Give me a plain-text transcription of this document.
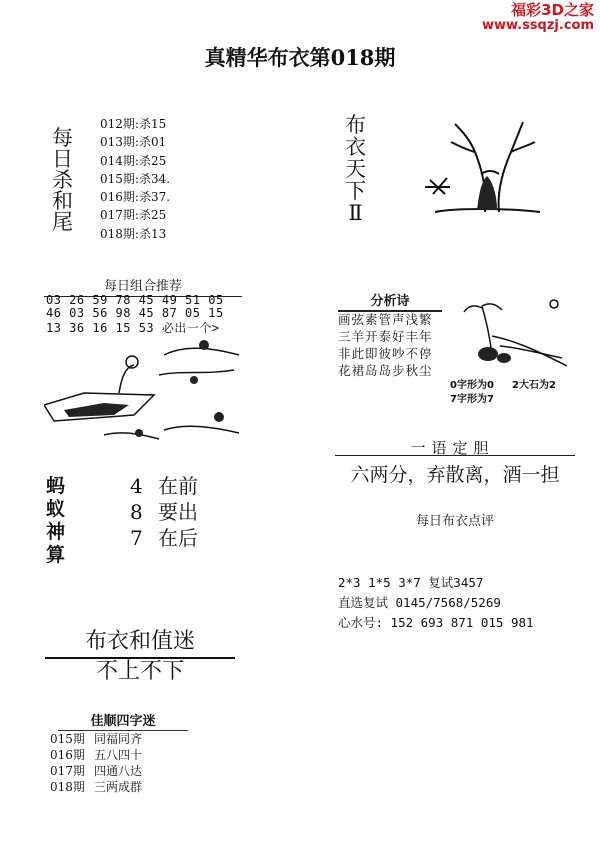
福彩3D之家
www.ssqzj.com
真精华布衣第018期
每
日
杀
和
尾
012期:杀15
013期:杀01
014期:杀25
015期:杀34.
016期:杀37.
017期:杀25
018期:杀13
布
衣
天
下
Ⅱ
每日组合推荐
03 26 59 78 45 49 51 05
46 03 56 98 45 87 05 15
13 36 16 15 53 必出一个>
蚂
蚁
神
算
4 在前
8 要出
7 在后
布衣和值迷
不上不下
佳顺四字迷
015期 同福同齐
016期 五八四十
017期 四通八达
018期 三两成群
分析诗
画弦素管声浅繁
三羊开泰好丰年
非此即彼吵不停
花裙岛岛步秋尘
0字形为0 2大石为2
7字形为7
一语定胆
六两分，弃散离，酒一担
每日布衣点评
2*3 1*5 3*7 复试3457
直选复试 0145/7568/5269
心水号: 152 693 871 015 981
